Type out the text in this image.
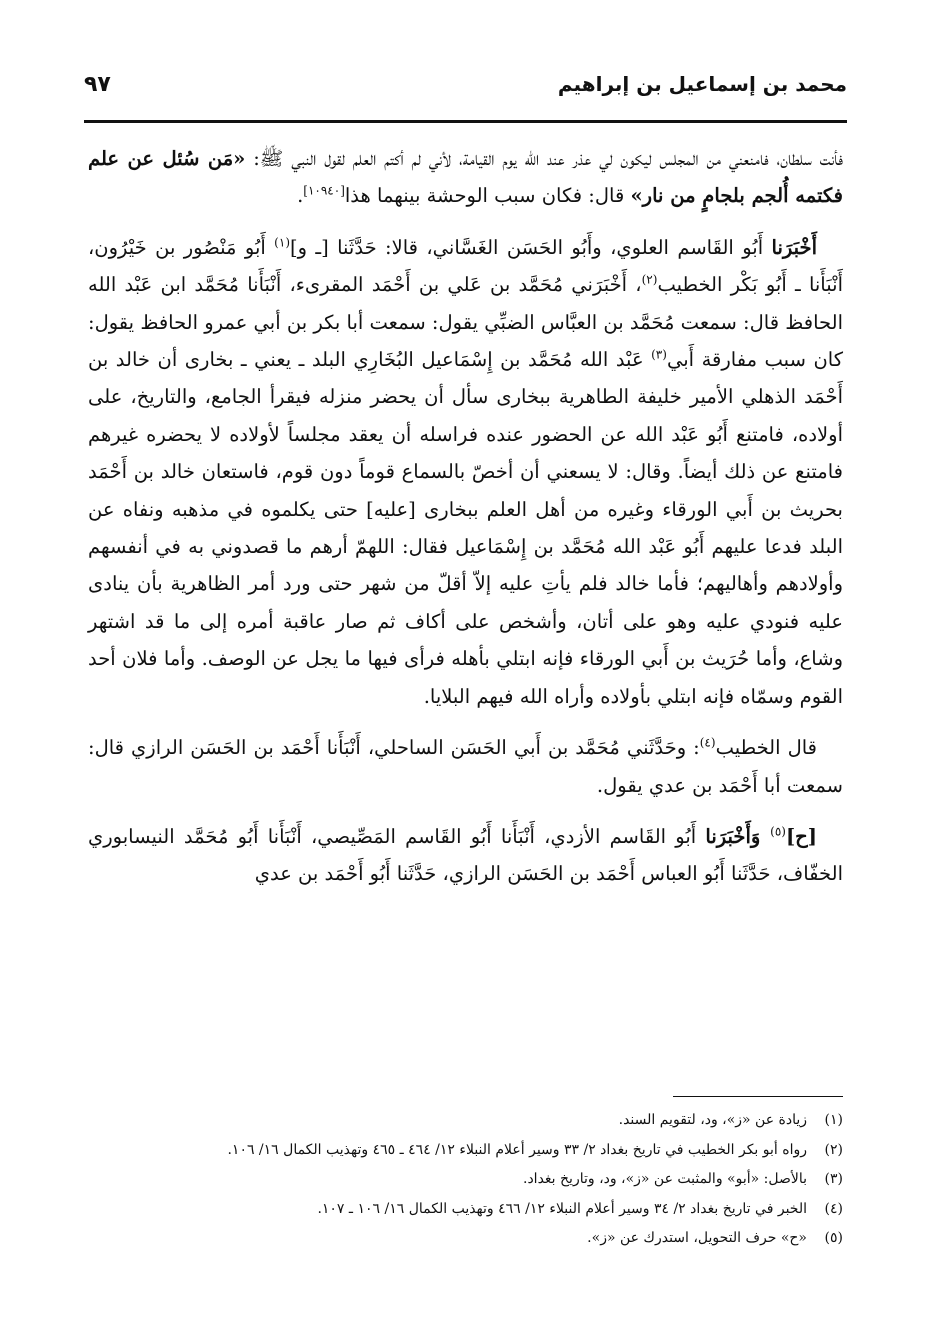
محمد بن إسماعيل بن إبراهيم
٩٧

فأنت سلطان، فامنعني من المجلس ليكون لي عذر عند الله يوم القيامة، لأني لم أكتم العلم لقول النبي ﷺ: «مَن سُئل عن علم فكتمه أُلجم بلجامٍ من نار» قال: فكان سبب الوحشة بينهما هذا[١٠٩٤٠].

أَخْبَرَنا أَبُو القَاسم العلوي، وأَبُو الحَسَن الغَسَّاني، قالا: حَدَّثَنا [ـ و]$^{(١)}$ أَبُو مَنْصُور بن خَيْرُون، أَنْبَأَنا ـ أَبُو بَكْر الخطيب$^{(٢)}$، أَخْبَرَني مُحَمَّد بن عَلي بن أَحْمَد المقرىء، أَنْبَأَنا مُحَمَّد ابن عَبْد الله الحافظ قال: سمعت مُحَمَّد بن العبَّاس الضبِّي يقول: سمعت أبا بكر بن أبي عمرو الحافظ يقول: كان سبب مفارقة أَبي$^{(٣)}$ عَبْد الله مُحَمَّد بن إِسْمَاعيل البُخَارِي البلد ـ يعني ـ بخارى أن خالد بن أَحْمَد الذهلي الأمير خليفة الطاهرية ببخارى سأل أن يحضر منزله فيقرأ الجامع، والتاريخ، على أولاده، فامتنع أَبُو عَبْد الله عن الحضور عنده فراسله أن يعقد مجلساً لأولاده لا يحضره غيرهم فامتنع عن ذلك أيضاً. وقال: لا يسعني أن أخصّ بالسماع قوماً دون قوم، فاستعان خالد بن أَحْمَد بحريث بن أَبي الورقاء وغيره من أهل العلم ببخارى [عليه] حتى يكلموه في مذهبه ونفاه عن البلد فدعا عليهم أَبُو عَبْد الله مُحَمَّد بن إِسْمَاعيل فقال: اللهمّ أرهم ما قصدوني به في أنفسهم وأولادهم وأهاليهم؛ فأما خالد فلم يأتِ عليه إلاّ أقلّ من شهر حتى ورد أمر الظاهرية بأن ينادى عليه فنودي عليه وهو على أتان، وأشخص على أكاف ثم صار عاقبة أمره إلى ما قد اشتهر وشاع، وأما حُرَيث بن أَبي الورقاء فإنه ابتلي بأهله فرأى فيها ما يجل عن الوصف. وأما فلان أحد القوم وسمّاه فإنه ابتلي بأولاده وأراه الله فيهم البلايا.

قال الخطيب$^{(٤)}$: وحَدَّثَني مُحَمَّد بن أَبي الحَسَن الساحلي، أَنْبَأَنا أَحْمَد بن الحَسَن الرازي قال: سمعت أبا أَحْمَد بن عدي يقول.

[ح]$^{(٥)}$ وَأَخْبَرَنا أَبُو القَاسم الأزدي، أَنْبَأَنا أَبُو القَاسم المَصِّيصي، أَنْبَأَنا أَبُو مُحَمَّد النيسابوري الخفّاف، حَدَّثَنا أَبُو العباس أَحْمَد بن الحَسَن الرازي، حَدَّثَنا أَبُو أَحْمَد بن عدي

(١)
زيادة عن «ز»، ود، لتقويم السند.
(٢)
رواه أبو بكر الخطيب في تاريخ بغداد ٢/ ٣٣ وسير أعلام النبلاء ١٢/ ٤٦٤ ـ ٤٦٥ وتهذيب الكمال ١٦/ ١٠٦.
(٣)
بالأصل: «أبو» والمثبت عن «ز»، ود، وتاريخ بغداد.
(٤)
الخبر في تاريخ بغداد ٢/ ٣٤ وسير أعلام النبلاء ١٢/ ٤٦٦ وتهذيب الكمال ١٦/ ١٠٦ ـ ١٠٧.
(٥)
«ح» حرف التحويل، استدرك عن «ز».
